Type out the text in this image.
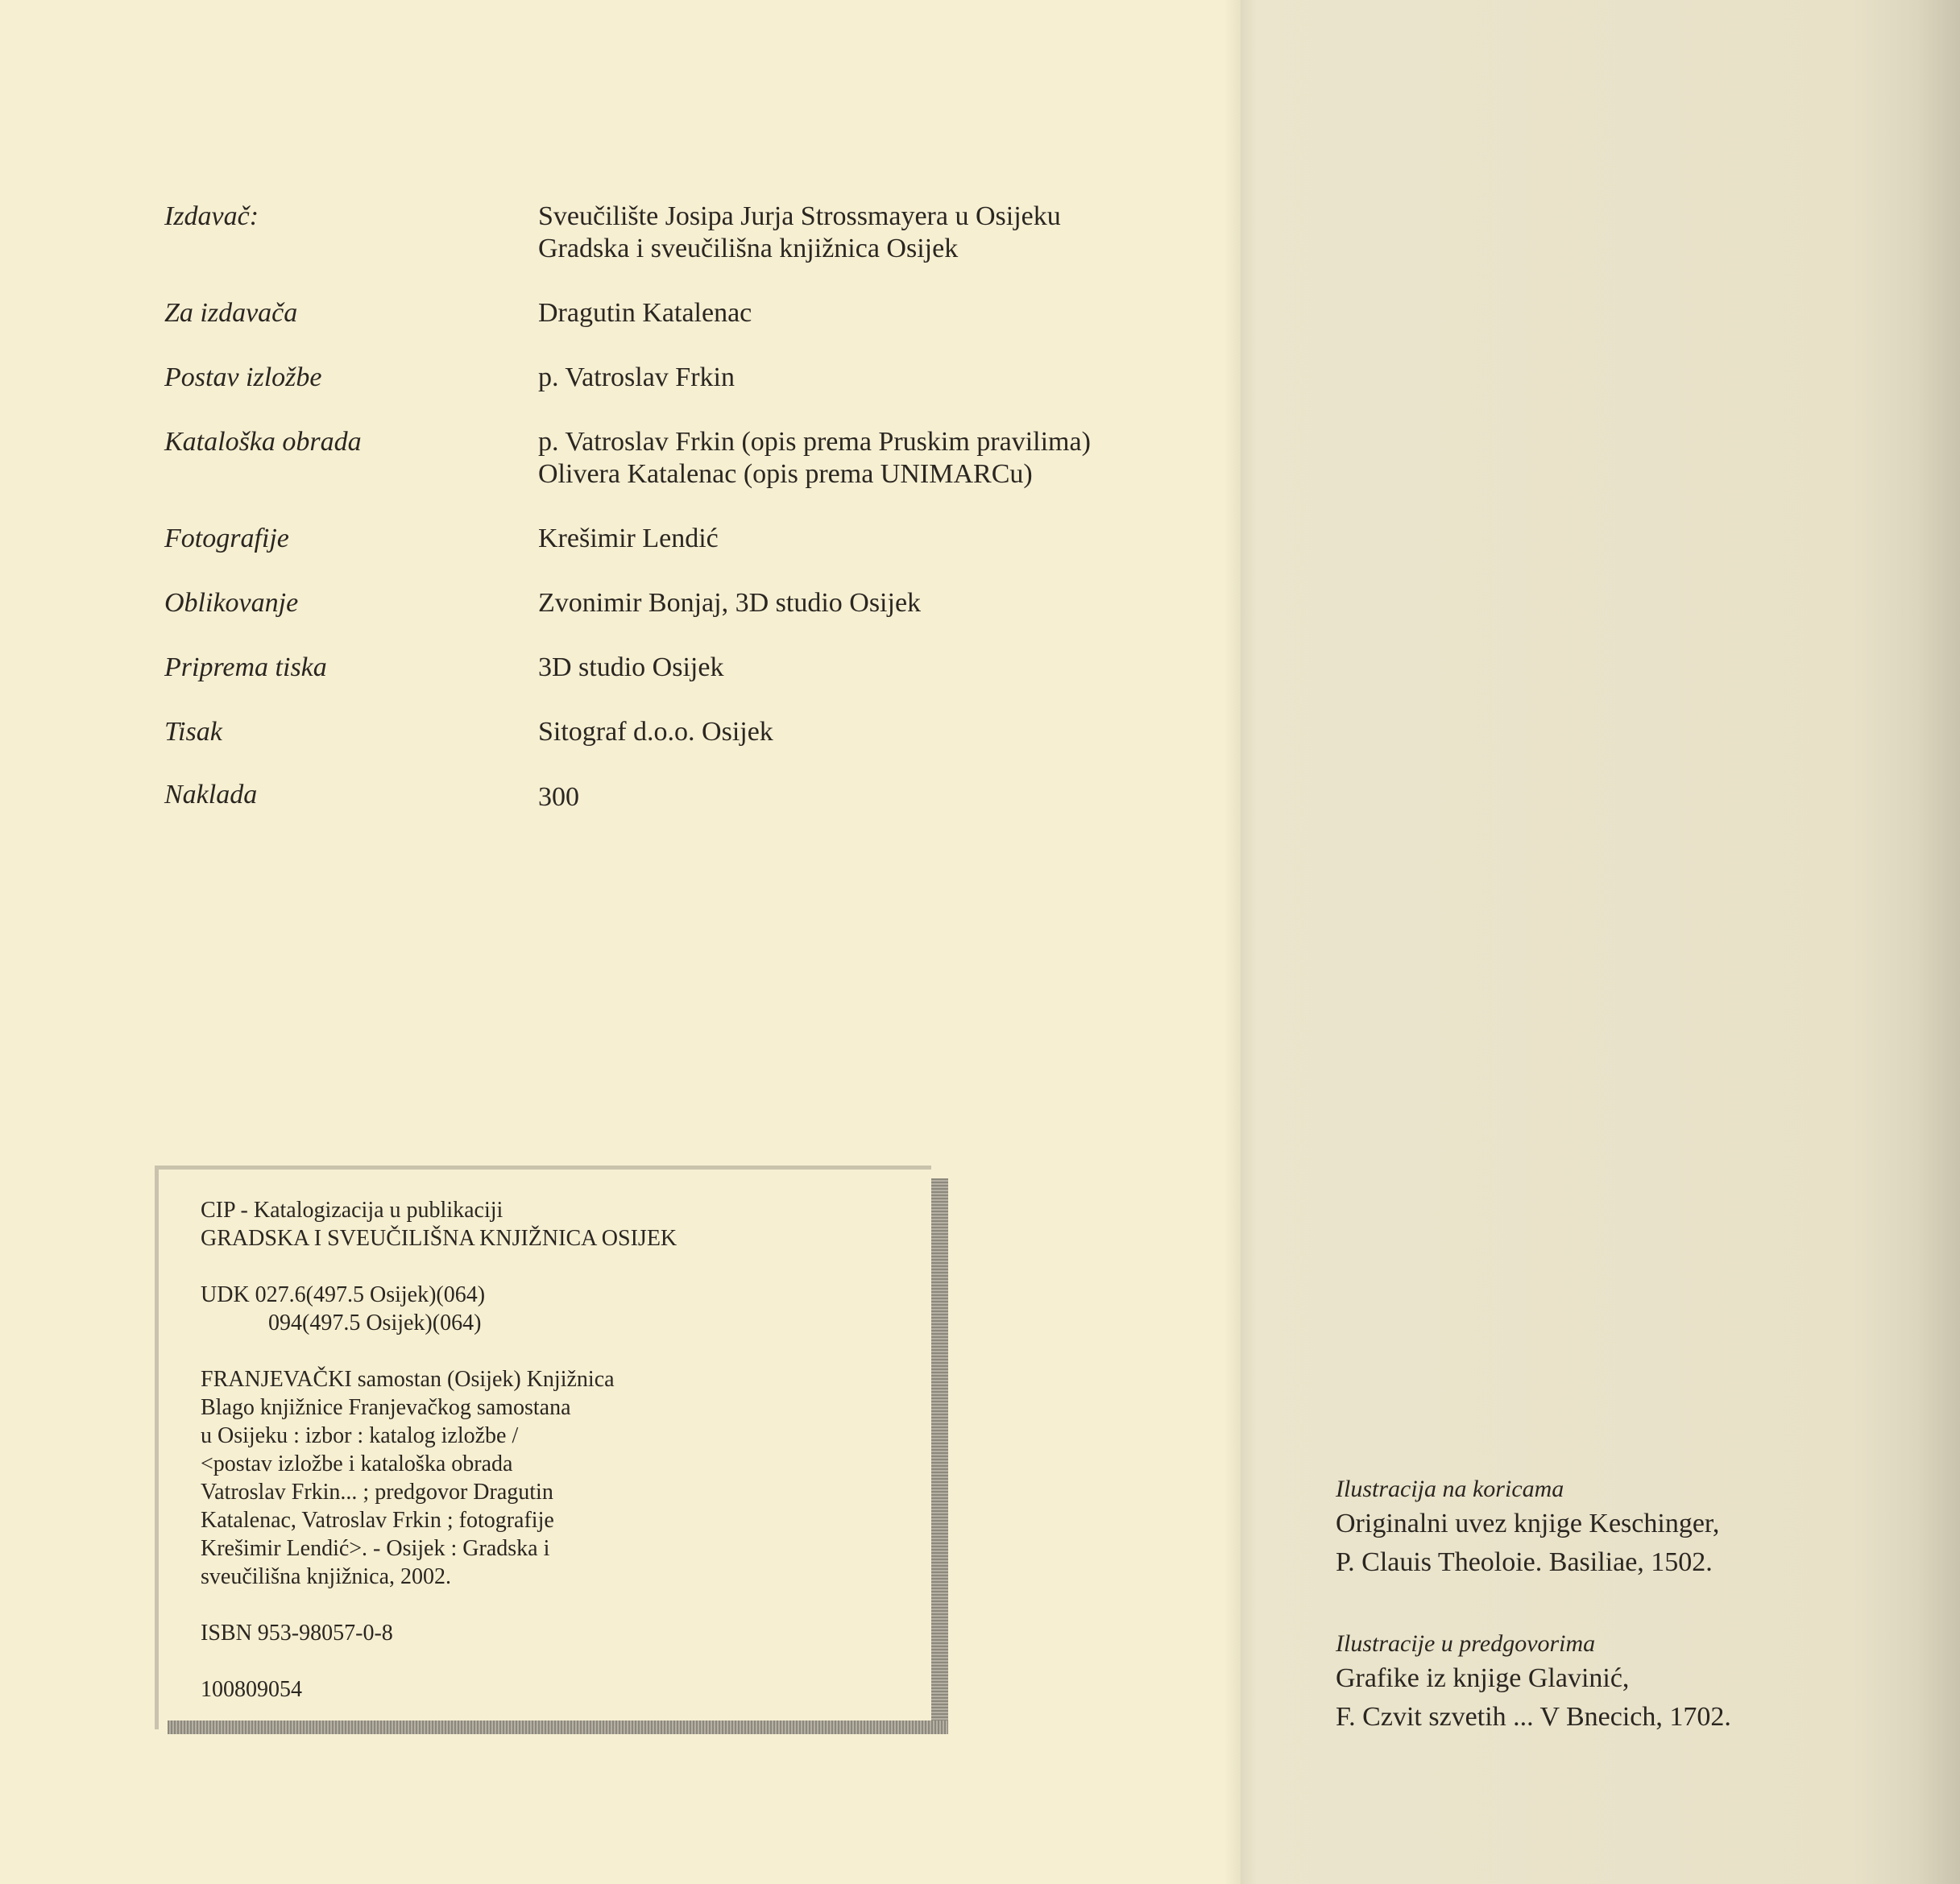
Izdavač:	Sveučilište Josipa Jurja Strossmayera u Osijeku
Gradska i sveučilišna knjižnica Osijek
Za izdavača	Dragutin Katalenac
Postav izložbe	p. Vatroslav Frkin
Kataloška obrada	p. Vatroslav Frkin (opis prema Pruskim pravilima)
Olivera Katalenac (opis prema UNIMARCu)
Fotografije	Krešimir Lendić
Oblikovanje	Zvonimir Bonjaj, 3D studio Osijek
Priprema tiska	3D studio Osijek
Tisak	Sitograf d.o.o. Osijek
Naklada	300
CIP - Katalogizacija u publikaciji
GRADSKA I SVEUČILIŠNA KNJIŽNICA OSIJEK
UDK 027.6(497.5 Osijek)(064)
094(497.5 Osijek)(064)
FRANJEVAČKI samostan (Osijek) Knjižnica
Blago knjižnice Franjevačkog samostana
u Osijeku : izbor : katalog izložbe /
<postav izložbe i kataloška obrada
Vatroslav Frkin... ; predgovor Dragutin
Katalenac, Vatroslav Frkin ; fotografije
Krešimir Lendić>. - Osijek : Gradska i
sveučilišna knjižnica, 2002.
ISBN 953-98057-0-8
100809054
Ilustracija na koricama
Originalni uvez knjige Keschinger,
P. Clauis Theoloie. Basiliae, 1502.
Ilustracije u predgovorima
Grafike iz knjige Glavinić,
F. Czvit szvetih ... V Bnecich, 1702.
